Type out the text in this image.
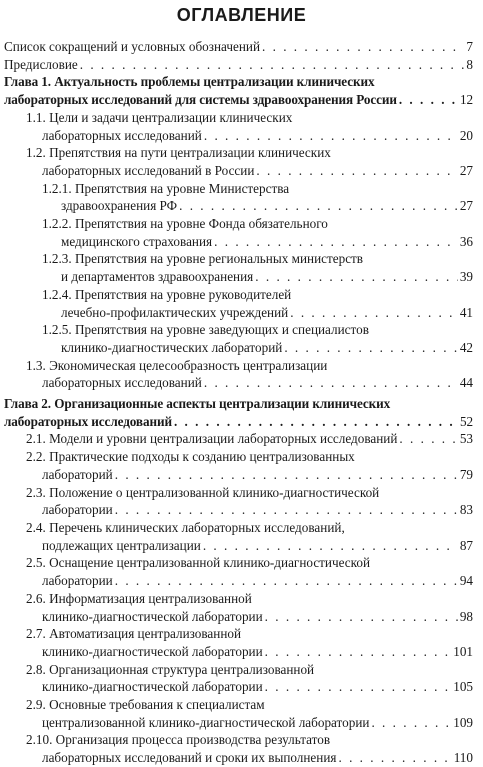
ОГЛАВЛЕНИЕ
Список сокращений и условных обозначений . . .	7
Предисловие . . .	8
Глава 1. Актуальность проблемы централизации клинических
лабораторных исследований для системы здравоохранения России . . .	12
1.1. Цели и задачи централизации клинических
лабораторных исследований . . .	20
1.2. Препятствия на пути централизации клинических
лабораторных исследований в России . . .	27
1.2.1. Препятствия на уровне Министерства
здравоохранения РФ . . .	27
1.2.2. Препятствия на уровне Фонда обязательного
медицинского страхования . . .	36
1.2.3. Препятствия на уровне региональных министерств
и департаментов здравоохранения . . .	39
1.2.4. Препятствия на уровне руководителей
лечебно-профилактических учреждений . . .	41
1.2.5. Препятствия на уровне заведующих и специалистов
клинико-диагностических лабораторий . . .	42
1.3. Экономическая целесообразность централизации
лабораторных исследований . . .	44
Глава 2. Организационные аспекты централизации клинических
лабораторных исследований . . .	52
2.1. Модели и уровни централизации лабораторных исследований . . .	53
2.2. Практические подходы к созданию централизованных
лабораторий . . .	79
2.3. Положение о централизованной клинико-диагностической
лаборатории . . .	83
2.4. Перечень клинических лабораторных исследований,
подлежащих централизации . . .	87
2.5. Оснащение централизованной клинико-диагностической
лаборатории . . .	94
2.6. Информатизация централизованной
клинико-диагностической лаборатории . . .	98
2.7. Автоматизация централизованной
клинико-диагностической лаборатории . . .	101
2.8. Организационная структура централизованной
клинико-диагностической лаборатории . . .	105
2.9. Основные требования к специалистам
централизованной клинико-диагностической лаборатории . . .	109
2.10. Организация процесса производства результатов
лабораторных исследований и сроки их выполнения . . .	110
